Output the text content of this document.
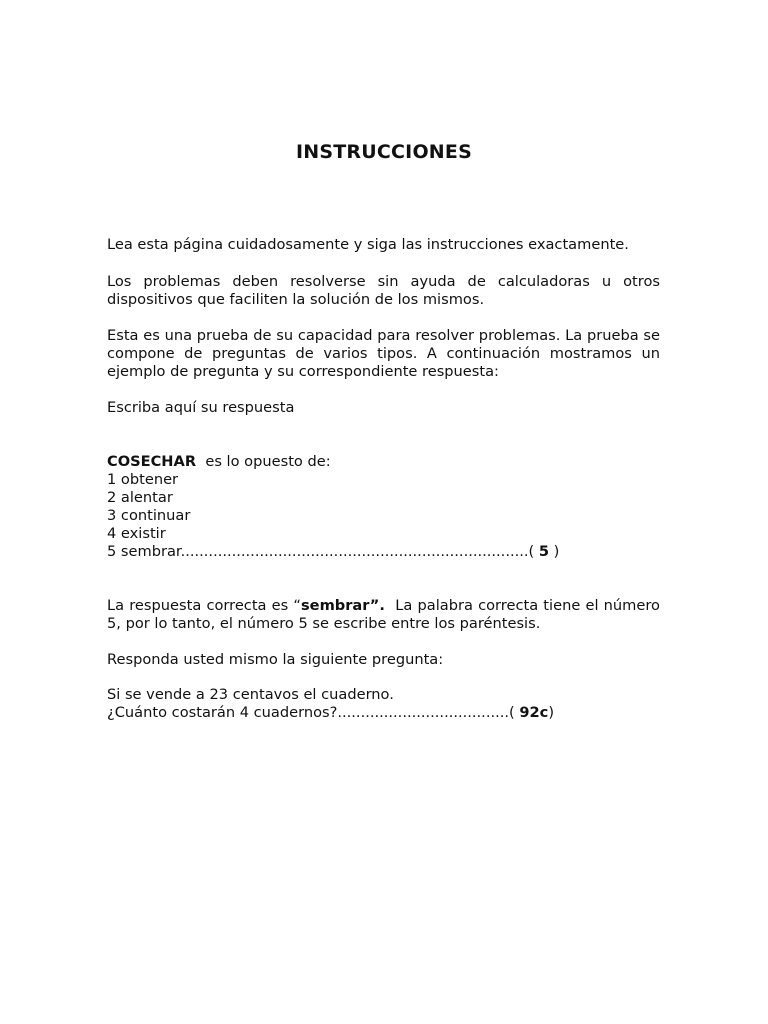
INSTRUCCIONES

Lea esta página cuidadosamente y siga las instrucciones exactamente.

Los problemas deben resolverse sin ayuda de calculadoras u otros dispositivos que faciliten la solución de los mismos.

Esta es una prueba de su capacidad para resolver problemas. La prueba se compone de preguntas de varios tipos. A continuación mostramos un ejemplo de pregunta y su correspondiente respuesta:

Escriba aquí su respuesta

COSECHAR  es lo opuesto de:
1 obtener
2 alentar
3 continuar
4 existir
5 sembrar...........................................................................( 5 )

La respuesta correcta es “sembrar”.  La palabra correcta tiene el número 5, por lo tanto, el número 5 se escribe entre los paréntesis.

Responda usted mismo la siguiente pregunta:

Si se vende a 23 centavos el cuaderno.
¿Cuánto costarán 4 cuadernos?.....................................( 92c)
